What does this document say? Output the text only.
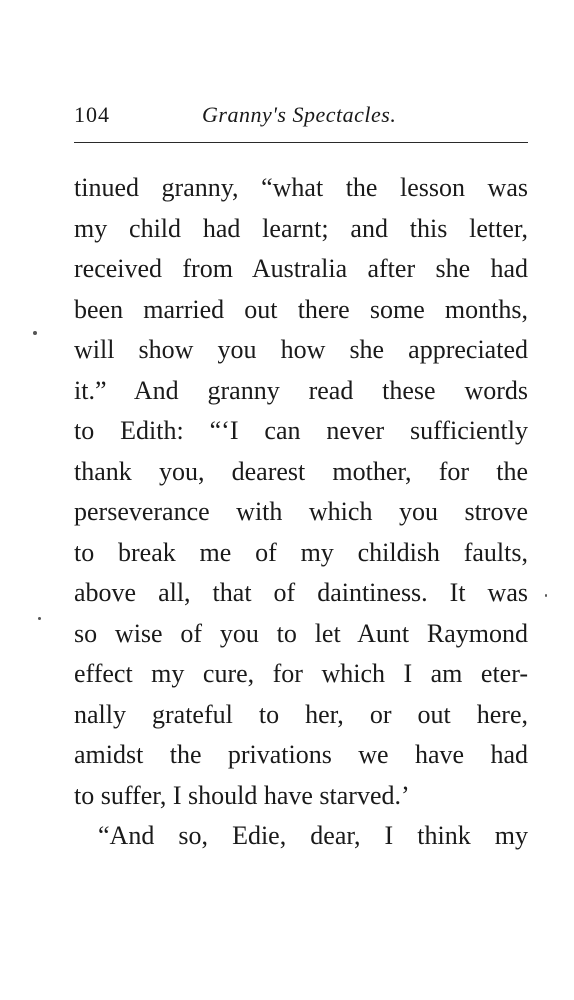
104	Granny's Spectacles.
tinued granny, “what the lesson was
my child had learnt; and this letter,
received from Australia after she had
been married out there some months,
will show you how she appreciated
it.” And granny read these words
to Edith: “‘I can never sufficiently
thank you, dearest mother, for the
perseverance with which you strove
to break me of my childish faults,
above all, that of daintiness. It was
so wise of you to let Aunt Raymond
effect my cure, for which I am eter-
nally grateful to her, or out here,
amidst the privations we have had
to suffer, I should have starved.’
“And so, Edie, dear, I think my
